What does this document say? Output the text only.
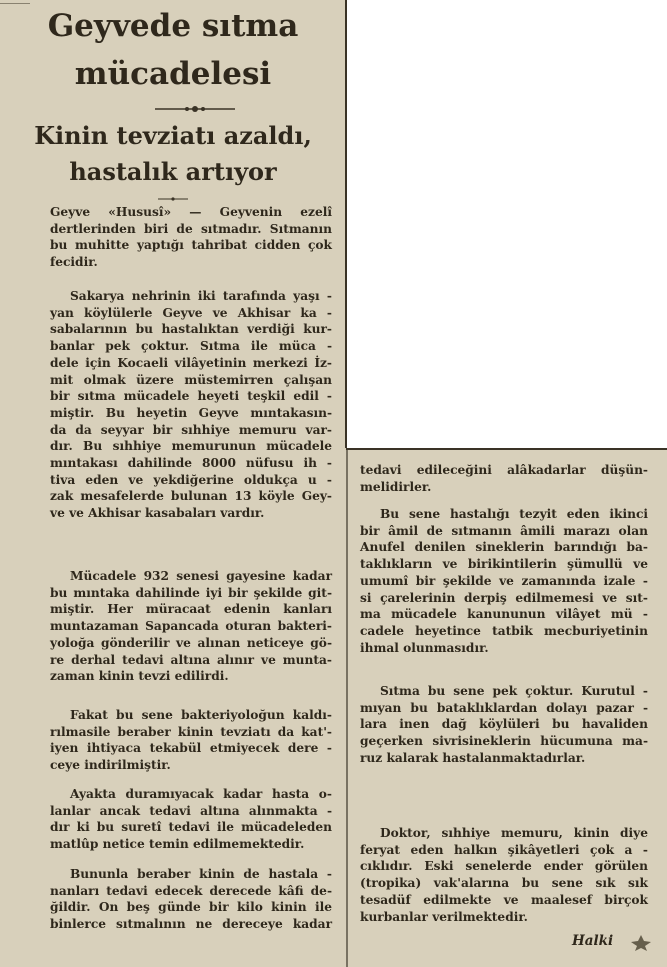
Geyvede sıtma
mücadelesi
Kinin tevziatı azaldı,
hastalık artıyor

Geyve «Hususî» — Geyvenin ezelî

dertlerinden biri de sıtmadır. Sıtmanın

bu muhitte yaptığı tahribat cidden çok

fecidir.

Sakarya nehrinin iki tarafında yaşı -

yan köylülerle Geyve ve Akhisar ka -

sabalarının bu hastalıktan verdiği kur-

banlar pek çoktur. Sıtma ile müca -

dele için Kocaeli vilâyetinin merkezi İz-

mit olmak üzere müstemirren çalışan

bir sıtma mücadele heyeti teşkil edil -

miştir. Bu heyetin Geyve mıntakasın-

da da seyyar bir sıhhiye memuru var-

dır. Bu sıhhiye memurunun mücadele

mıntakası dahilinde 8000 nüfusu ih -

tiva eden ve yekdiğerine oldukça u -

zak mesafelerde bulunan 13 köyle Gey-

ve ve Akhisar kasabaları vardır.

Mücadele 932 senesi gayesine kadar

bu mıntaka dahilinde iyi bir şekilde git-

miştir. Her müracaat edenin kanları

muntazaman Sapancada oturan bakteri-

yoloğa gönderilir ve alınan neticeye gö-

re derhal tedavi altına alınır ve munta-

zaman kinin tevzi edilirdi.

Fakat bu sene bakteriyoloğun kaldı-

rılmasile beraber kinin tevziatı da kat'-

iyen ihtiyaca tekabül etmiyecek dere -

ceye indirilmiştir.

Ayakta duramıyacak kadar hasta o-

lanlar ancak tedavi altına alınmakta -

dır ki bu suretî tedavi ile mücadeleden

matlûp netice temin edilmemektedir.

Bununla beraber kinin de hastala -

nanları tedavi edecek derecede kâfi de-

ğildir. On beş günde bir kilo kinin ile

binlerce sıtmalının ne dereceye kadar

tedavi edileceğini alâkadarlar düşün-

melidirler.

Bu sene hastalığı tezyit eden ikinci

bir âmil de sıtmanın âmili marazı olan

Anufel denilen sineklerin barındığı ba-

taklıkların ve birikintilerin şümullü ve

umumî bir şekilde ve zamanında izale -

si çarelerinin derpiş edilmemesi ve sıt-

ma mücadele kanununun vilâyet mü -

cadele heyetince tatbik mecburiyetinin

ihmal olunmasıdır.

Sıtma bu sene pek çoktur. Kurutul -

mıyan bu bataklıklardan dolayı pazar -

lara inen dağ köylüleri bu havaliden

geçerken sivrisineklerin hücumuna ma-

ruz kalarak hastalanmaktadırlar.

Doktor, sıhhiye memuru, kinin diye

feryat eden halkın şikâyetleri çok a -

cıklıdır. Eski senelerde ender görülen

(tropika) vak'alarına bu sene sık sık

tesadüf edilmekte ve maalesef birçok

kurbanlar verilmektedir.

Halki
